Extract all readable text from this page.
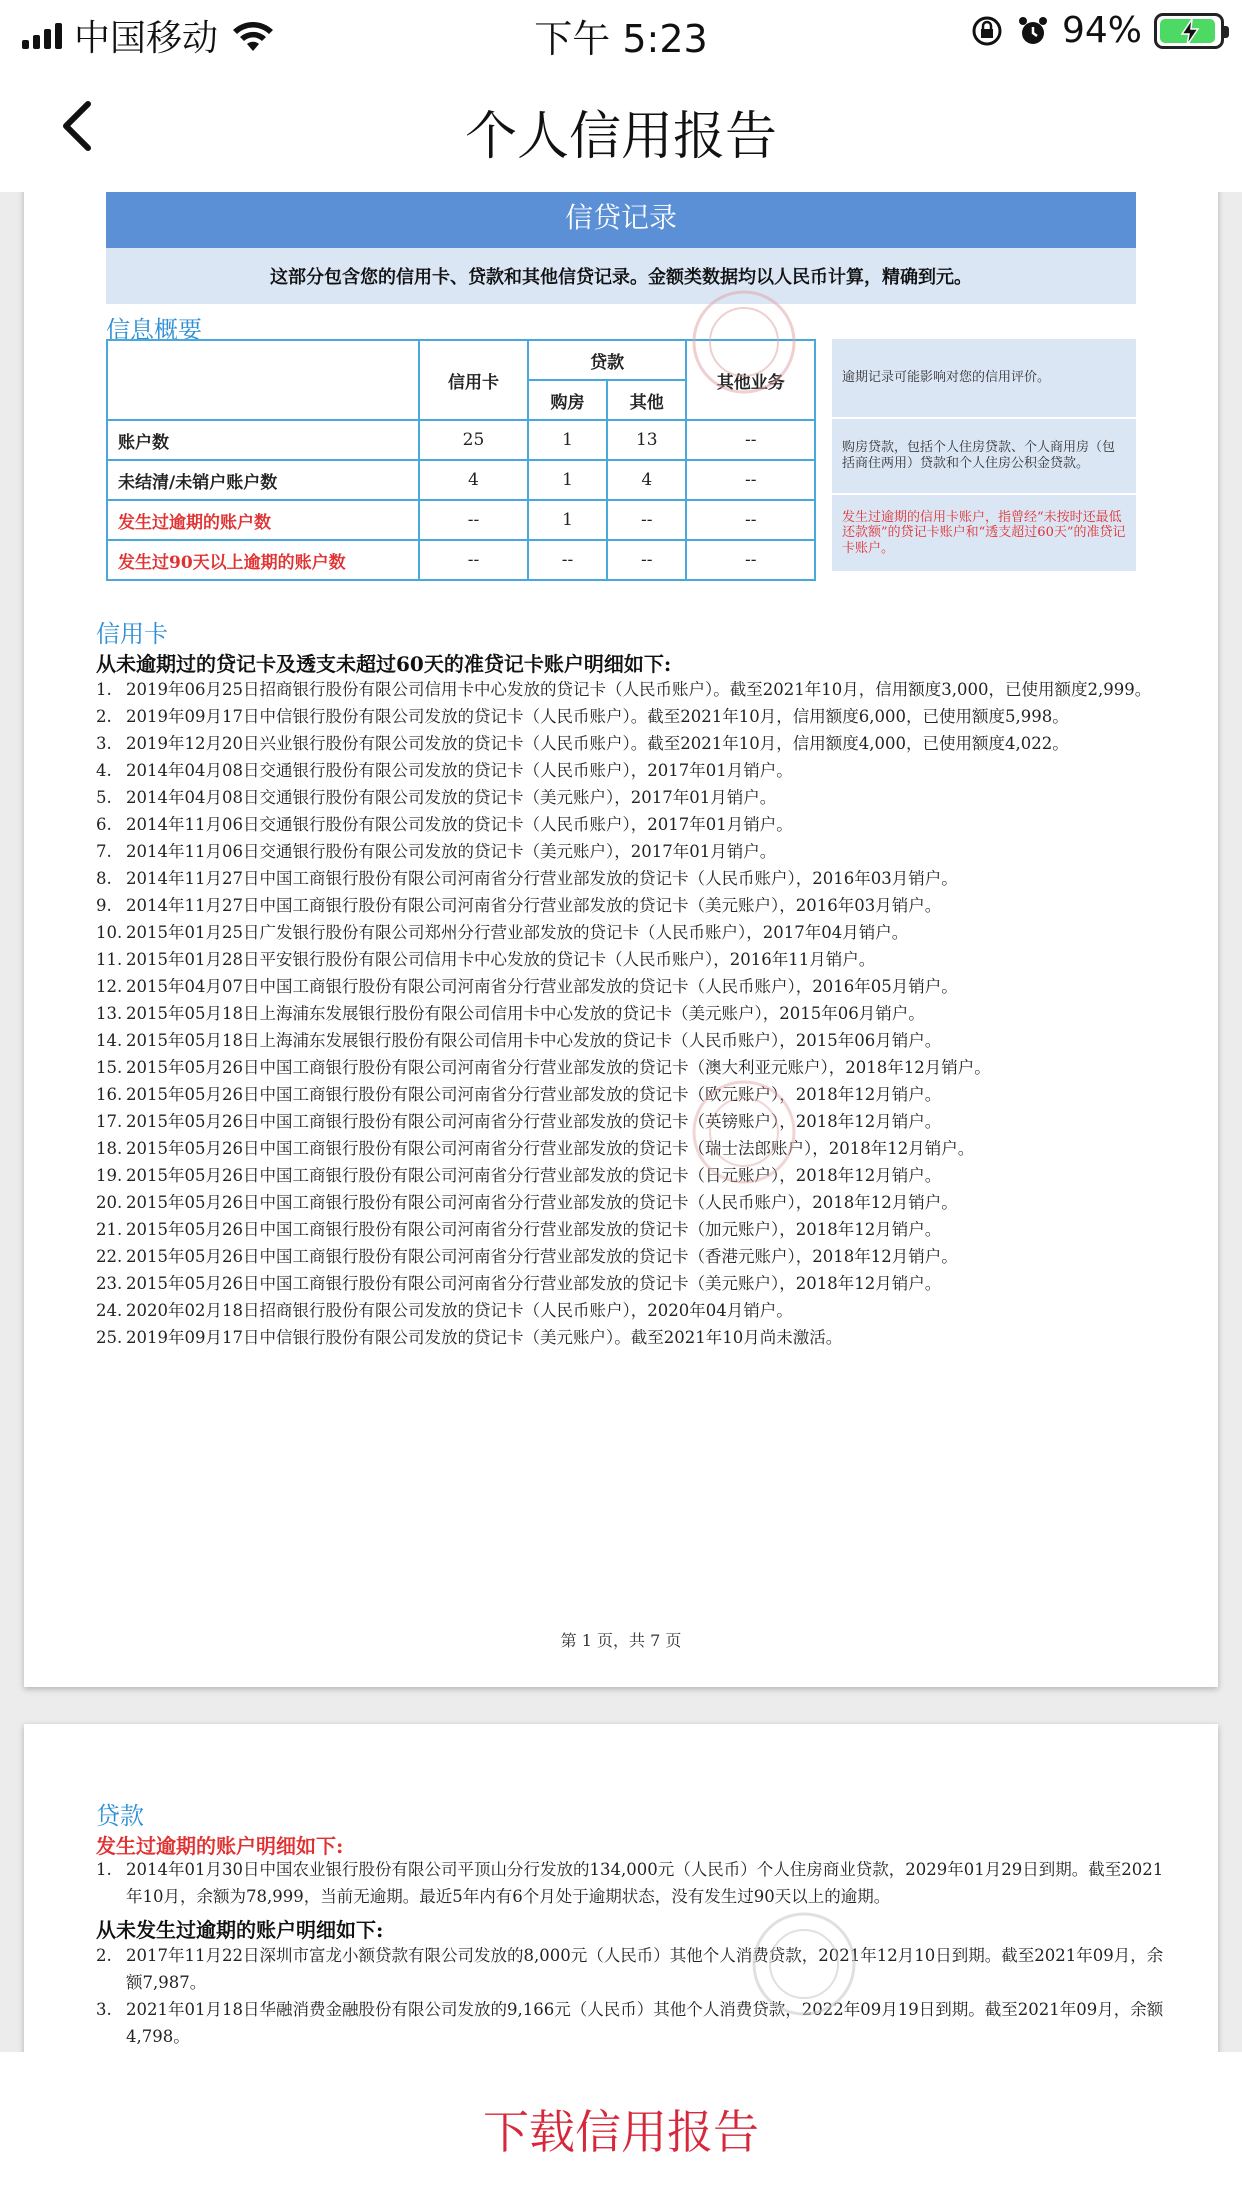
中国移动	下午 5:23	94%
个人信用报告
信贷记录
这部分包含您的信用卡、贷款和其他信贷记录。金额类数据均以人民币计算，精确到元。
信息概要
	信用卡	贷款		其他业务
		购房	其他	
账户数	25	1	13	--
未结清/未销户账户数	4	1	4	--
发生过逾期的账户数	--	1	--	--
发生过90天以上逾期的账户数	--	--	--	--
逾期记录可能影响对您的信用评价。
购房贷款，包括个人住房贷款、个人商用房（包括商住两用）贷款和个人住房公积金贷款。
发生过逾期的信用卡账户，指曾经“未按时还最低还款额”的贷记卡账户和“透支超过60天”的准贷记卡账户。
信用卡
从未逾期过的贷记卡及透支未超过60天的准贷记卡账户明细如下:
1. 2019年06月25日招商银行股份有限公司信用卡中心发放的贷记卡（人民币账户）。截至2021年10月，信用额度3,000，已使用额度2,999。
2. 2019年09月17日中信银行股份有限公司发放的贷记卡（人民币账户）。截至2021年10月，信用额度6,000，已使用额度5,998。
3. 2019年12月20日兴业银行股份有限公司发放的贷记卡（人民币账户）。截至2021年10月，信用额度4,000，已使用额度4,022。
4. 2014年04月08日交通银行股份有限公司发放的贷记卡（人民币账户），2017年01月销户。
5. 2014年04月08日交通银行股份有限公司发放的贷记卡（美元账户），2017年01月销户。
6. 2014年11月06日交通银行股份有限公司发放的贷记卡（人民币账户），2017年01月销户。
7. 2014年11月06日交通银行股份有限公司发放的贷记卡（美元账户），2017年01月销户。
8. 2014年11月27日中国工商银行股份有限公司河南省分行营业部发放的贷记卡（人民币账户），2016年03月销户。
9. 2014年11月27日中国工商银行股份有限公司河南省分行营业部发放的贷记卡（美元账户），2016年03月销户。
10. 2015年01月25日广发银行股份有限公司郑州分行营业部发放的贷记卡（人民币账户），2017年04月销户。
11. 2015年01月28日平安银行股份有限公司信用卡中心发放的贷记卡（人民币账户），2016年11月销户。
12. 2015年04月07日中国工商银行股份有限公司河南省分行营业部发放的贷记卡（人民币账户），2016年05月销户。
13. 2015年05月18日上海浦东发展银行股份有限公司信用卡中心发放的贷记卡（美元账户），2015年06月销户。
14. 2015年05月18日上海浦东发展银行股份有限公司信用卡中心发放的贷记卡（人民币账户），2015年06月销户。
15. 2015年05月26日中国工商银行股份有限公司河南省分行营业部发放的贷记卡（澳大利亚元账户），2018年12月销户。
16. 2015年05月26日中国工商银行股份有限公司河南省分行营业部发放的贷记卡（欧元账户），2018年12月销户。
17. 2015年05月26日中国工商银行股份有限公司河南省分行营业部发放的贷记卡（英镑账户），2018年12月销户。
18. 2015年05月26日中国工商银行股份有限公司河南省分行营业部发放的贷记卡（瑞士法郎账户），2018年12月销户。
19. 2015年05月26日中国工商银行股份有限公司河南省分行营业部发放的贷记卡（日元账户），2018年12月销户。
20. 2015年05月26日中国工商银行股份有限公司河南省分行营业部发放的贷记卡（人民币账户），2018年12月销户。
21. 2015年05月26日中国工商银行股份有限公司河南省分行营业部发放的贷记卡（加元账户），2018年12月销户。
22. 2015年05月26日中国工商银行股份有限公司河南省分行营业部发放的贷记卡（香港元账户），2018年12月销户。
23. 2015年05月26日中国工商银行股份有限公司河南省分行营业部发放的贷记卡（美元账户），2018年12月销户。
24. 2020年02月18日招商银行股份有限公司发放的贷记卡（人民币账户），2020年04月销户。
25. 2019年09月17日中信银行股份有限公司发放的贷记卡（美元账户）。截至2021年10月尚未激活。
第 1 页，共 7 页
贷款
发生过逾期的账户明细如下:
1. 2014年01月30日中国农业银行股份有限公司平顶山分行发放的134,000元（人民币）个人住房商业贷款，2029年01月29日到期。截至2021年10月，余额为78,999，当前无逾期。最近5年内有6个月处于逾期状态，没有发生过90天以上的逾期。
从未发生过逾期的账户明细如下:
2. 2017年11月22日深圳市富龙小额贷款有限公司发放的8,000元（人民币）其他个人消费贷款，2021年12月10日到期。截至2021年09月，余额7,987。
3. 2021年01月18日华融消费金融股份有限公司发放的9,166元（人民币）其他个人消费贷款，2022年09月19日到期。截至2021年09月，余额4,798。
下载信用报告
